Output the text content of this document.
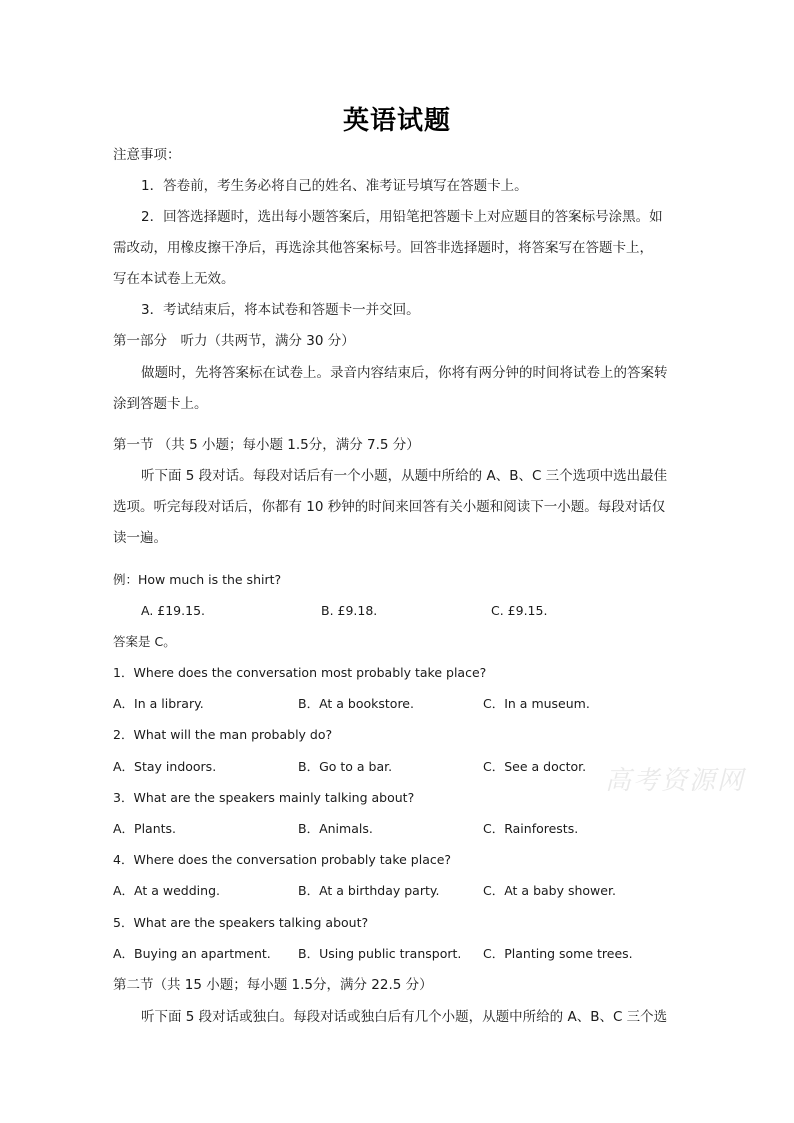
英语试题
注意事项：
1．答卷前，考生务必将自己的姓名、准考证号填写在答题卡上。
2．回答选择题时，选出每小题答案后，用铅笔把答题卡上对应题目的答案标号涂黑。如
需改动，用橡皮擦干净后，再选涂其他答案标号。回答非选择题时，将答案写在答题卡上，
写在本试卷上无效。
3．考试结束后，将本试卷和答题卡一并交回。
第一部分　听力（共两节，满分 30 分）
做题时，先将答案标在试卷上。录音内容结束后，你将有两分钟的时间将试卷上的答案转
涂到答题卡上。
第一节 （共 5 小题；每小题 1.5分，满分 7.5 分）
听下面 5 段对话。每段对话后有一个小题，从题中所给的 A、B、C 三个选项中选出最佳
选项。听完每段对话后，你都有 10 秒钟的时间来回答有关小题和阅读下一小题。每段对话仅
读一遍。
例：How much is the shirt?
A. £19.15.	B. £9.18.	C. £9.15.
答案是 C。
1．Where does the conversation most probably take place?
A．In a library.	B．At a bookstore.	C．In a museum.
2．What will the man probably do?
A．Stay indoors.	B．Go to a bar.	C．See a doctor.
3．What are the speakers mainly talking about?
A．Plants.	B．Animals.	C．Rainforests.
4．Where does the conversation probably take place?
A．At a wedding.	B．At a birthday party.	C．At a baby shower.
5．What are the speakers talking about?
A．Buying an apartment. B．Using public transport. C．Planting some trees.
第二节（共 15 小题；每小题 1.5分，满分 22.5 分）
听下面 5 段对话或独白。每段对话或独白后有几个小题，从题中所给的 A、B、C 三个选
高考资源网
